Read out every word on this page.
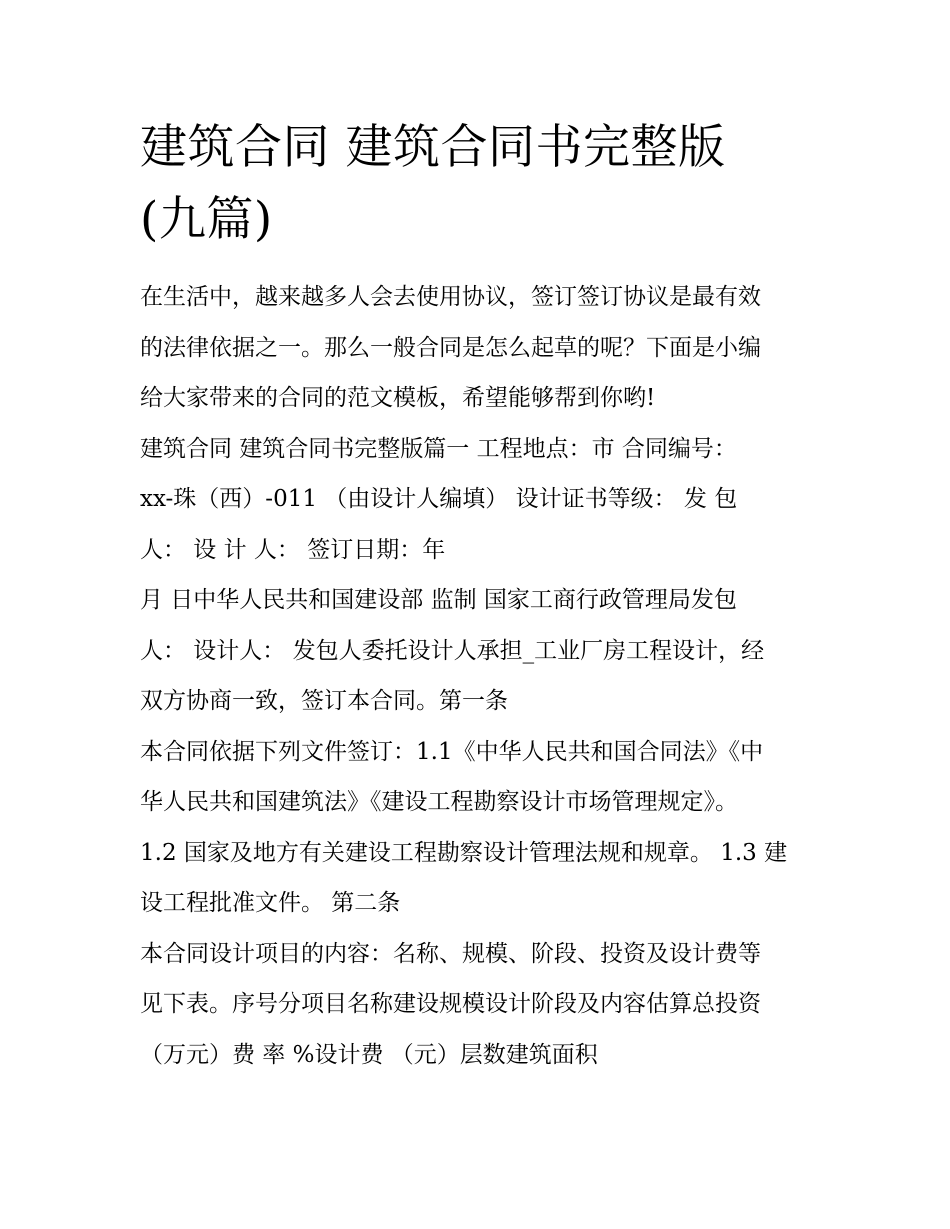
建筑合同 建筑合同书完整版
(九篇)
在生活中，越来越多人会去使用协议，签订签订协议是最有效
的法律依据之一。那么一般合同是怎么起草的呢？下面是小编
给大家带来的合同的范文模板，希望能够帮到你哟!
建筑合同 建筑合同书完整版篇一 工程地点：市 合同编号：
xx-珠（西）-011 （由设计人编填） 设计证书等级： 发 包
人： 设 计 人： 签订日期：年
月 日中华人民共和国建设部 监制 国家工商行政管理局发包
人： 设计人： 发包人委托设计人承担_工业厂房工程设计，经
双方协商一致，签订本合同。第一条
本合同依据下列文件签订：1.1《中华人民共和国合同法》《中
华人民共和国建筑法》《建设工程勘察设计市场管理规定》。
1.2 国家及地方有关建设工程勘察设计管理法规和规章。 1.3 建
设工程批准文件。 第二条
本合同设计项目的内容：名称、规模、阶段、投资及设计费等
见下表。序号分项目名称建设规模设计阶段及内容估算总投资
（万元）费 率 %设计费 （元）层数建筑面积
